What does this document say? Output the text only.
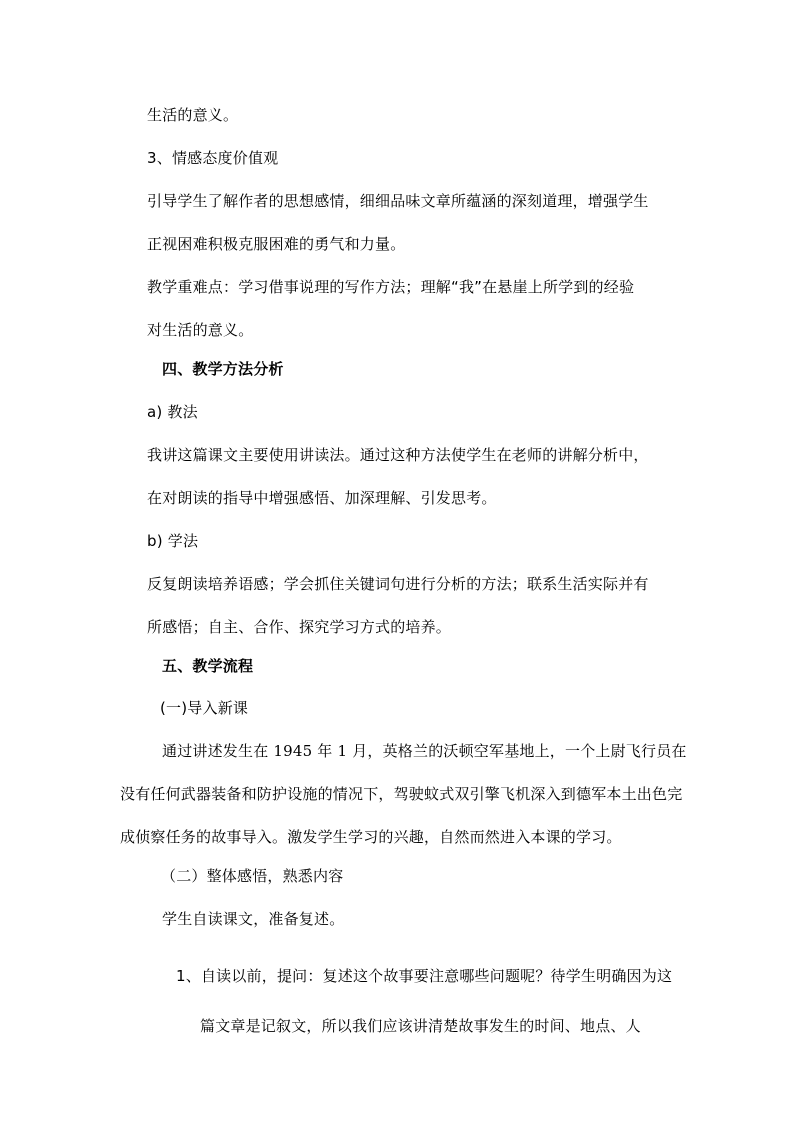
生活的意义。
3、情感态度价值观
引导学生了解作者的思想感情，细细品味文章所蕴涵的深刻道理，增强学生
正视困难积极克服困难的勇气和力量。
教学重难点：学习借事说理的写作方法；理解“我”在悬崖上所学到的经验
对生活的意义。
四、教学方法分析
a) 教法
我讲这篇课文主要使用讲读法。通过这种方法使学生在老师的讲解分析中，
在对朗读的指导中增强感悟、加深理解、引发思考。
b) 学法
反复朗读培养语感；学会抓住关键词句进行分析的方法；联系生活实际并有
所感悟；自主、合作、探究学习方式的培养。
五、教学流程
(一)导入新课
通过讲述发生在 1945 年 1 月，英格兰的沃顿空军基地上，一个上尉飞行员在
没有任何武器装备和防护设施的情况下，驾驶蚊式双引擎飞机深入到德军本土出色完
成侦察任务的故事导入。激发学生学习的兴趣，自然而然进入本课的学习。
（二）整体感悟，熟悉内容
学生自读课文，准备复述。
1、自读以前，提问：复述这个故事要注意哪些问题呢？待学生明确因为这
篇文章是记叙文，所以我们应该讲清楚故事发生的时间、地点、人
